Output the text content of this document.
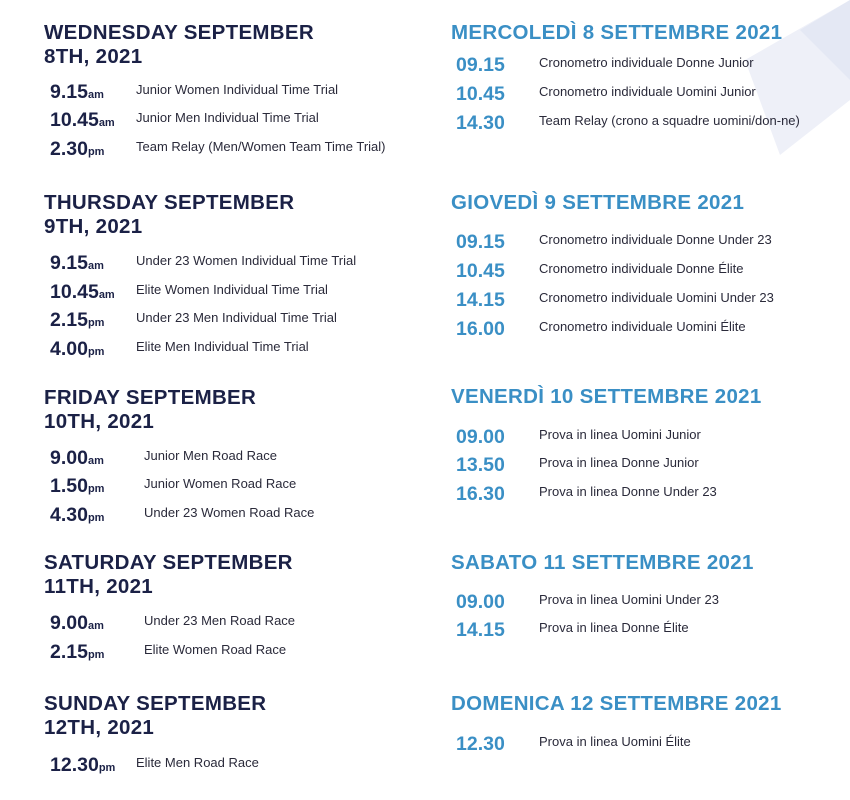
WEDNESDAY SEPTEMBER
8TH, 2021
9.15am Junior Women Individual Time Trial
10.45am Junior Men Individual Time Trial
2.30pm Team Relay (Men/Women Team Time Trial)
THURSDAY SEPTEMBER
9TH, 2021
9.15am Under 23 Women Individual Time Trial
10.45am Elite Women Individual Time Trial
2.15pm Under 23 Men Individual Time Trial
4.00pm Elite Men Individual Time Trial
FRIDAY SEPTEMBER
10TH, 2021
9.00am	Junior Men Road Race
1.50pm	Junior Women Road Race
4.30pm	Under 23 Women Road Race
SATURDAY SEPTEMBER
11TH, 2021
9.00am	Under 23 Men Road Race
2.15pm	Elite Women Road Race
SUNDAY SEPTEMBER
12TH, 2021
12.30pm Elite Men Road Race
MERCOLEDÌ 8 SETTEMBRE 2021
09.15	Cronometro individuale Donne Junior
10.45	Cronometro individuale Uomini Junior
14.30	Team Relay (crono a squadre uomini/don-ne)
GIOVEDÌ 9 SETTEMBRE 2021
09.15	Cronometro individuale Donne Under 23
10.45	Cronometro individuale Donne Élite
14.15	Cronometro individuale Uomini Under 23
16.00	Cronometro individuale Uomini Élite
VENERDÌ 10 SETTEMBRE 2021
09.00	Prova in linea Uomini Junior
13.50	Prova in linea Donne Junior
16.30	Prova in linea Donne Under 23
SABATO 11 SETTEMBRE 2021
09.00	Prova in linea Uomini Under 23
14.15	Prova in linea Donne Élite
DOMENICA 12 SETTEMBRE 2021
12.30	Prova in linea Uomini Élite
